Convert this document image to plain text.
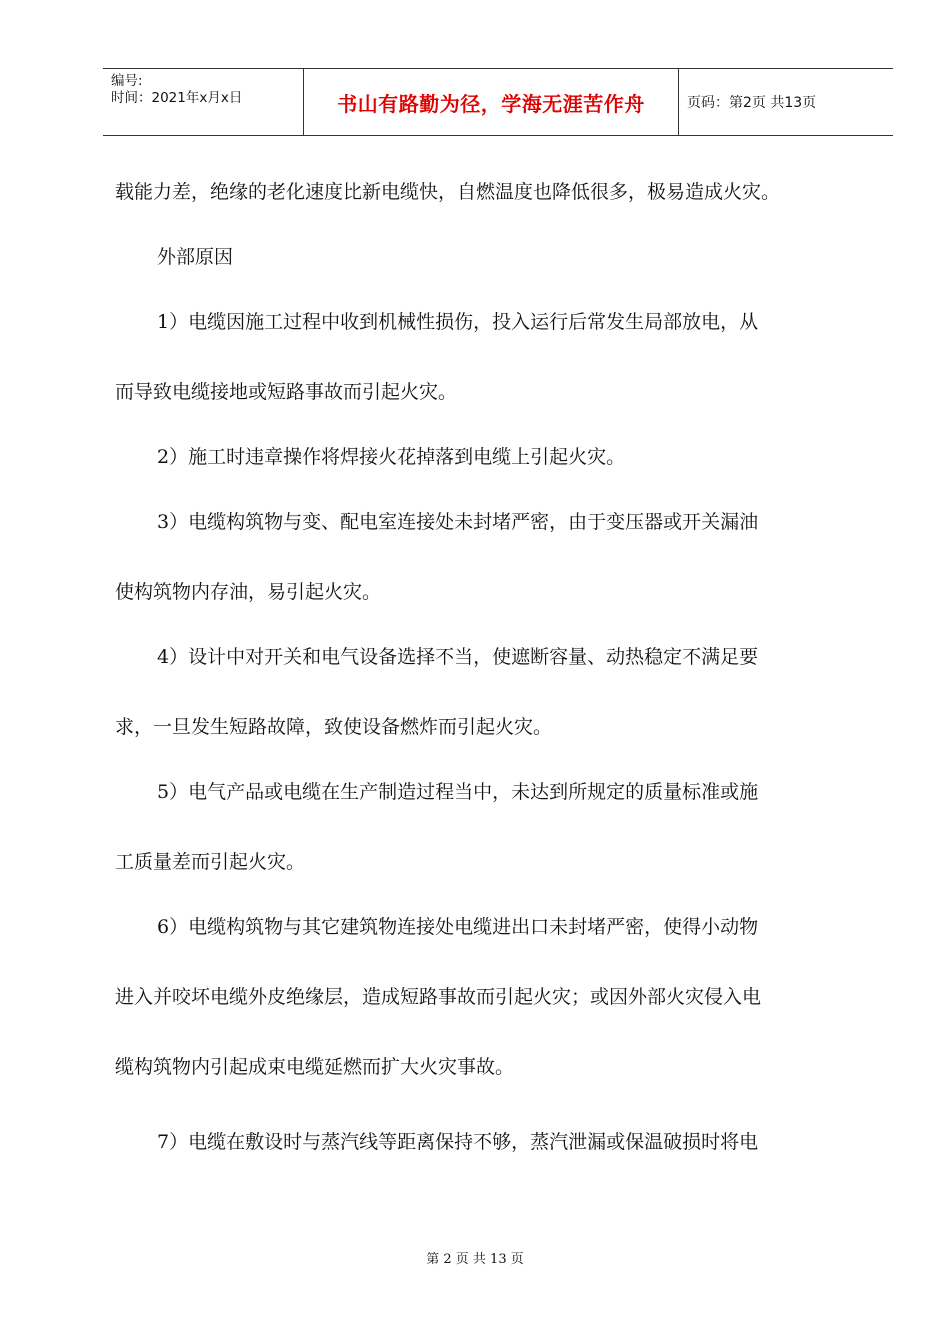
编号:
时间：2021年x月x日	书山有路勤为径，学海无涯苦作舟	页码：第2页 共13页
载能力差，绝缘的老化速度比新电缆快，自燃温度也降低很多，极易造成火灾。
外部原因
1）电缆因施工过程中收到机械性损伤，投入运行后常发生局部放电，从
而导致电缆接地或短路事故而引起火灾。
2）施工时违章操作将焊接火花掉落到电缆上引起火灾。
3）电缆构筑物与变、配电室连接处未封堵严密，由于变压器或开关漏油
使构筑物内存油，易引起火灾。
4）设计中对开关和电气设备选择不当，使遮断容量、动热稳定不满足要
求，一旦发生短路故障，致使设备燃炸而引起火灾。
5）电气产品或电缆在生产制造过程当中，未达到所规定的质量标准或施
工质量差而引起火灾。
6）电缆构筑物与其它建筑物连接处电缆进出口未封堵严密，使得小动物
进入并咬坏电缆外皮绝缘层，造成短路事故而引起火灾；或因外部火灾侵入电
缆构筑物内引起成束电缆延燃而扩大火灾事故。
7）电缆在敷设时与蒸汽线等距离保持不够，蒸汽泄漏或保温破损时将电
第 2 页 共 13 页
